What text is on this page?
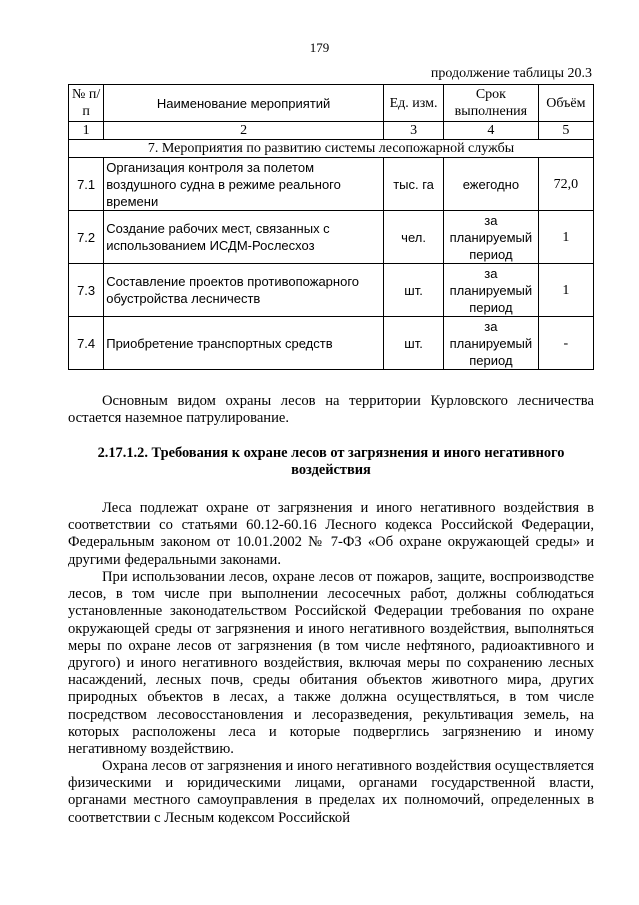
179
продолжение таблицы 20.3
№ п/п	Наименование мероприятий	Ед. изм.	Срок выполнения	Объём
1	2	3	4	5
7. Мероприятия по развитию системы лесопожарной службы				
7.1	Организация контроля за полетом воздушного судна в режиме реального времени	тыс. га	ежегодно	72,0
7.2	Создание рабочих мест, связанных с использованием ИСДМ-Рослесхоз	чел.	за планируемый период	1
7.3	Составление проектов противопожарного обустройства лесничеств	шт.	за планируемый период	1
7.4	Приобретение транспортных средств	шт.	за планируемый период	-
Основным видом охраны лесов на территории Курловского лесничества остается наземное патрулирование.
2.17.1.2. Требования к охране лесов от загрязнения и иного негативного воздействия
Леса подлежат охране от загрязнения и иного негативного воздействия в соответствии со статьями 60.12-60.16 Лесного кодекса Российской Федерации, Федеральным законом от 10.01.2002 № 7-ФЗ «Об охране окружающей среды» и другими федеральными законами.
При использовании лесов, охране лесов от пожаров, защите, воспроизводстве лесов, в том числе при выполнении лесосечных работ, должны соблюдаться установленные законодательством Российской Федерации требования по охране окружающей среды от загрязнения и иного негативного воздействия, выполняться меры по охране лесов от загрязнения (в том числе нефтяного, радиоактивного и другого) и иного негативного воздействия, включая меры по сохранению лесных насаждений, лесных почв, среды обитания объектов животного мира, других природных объектов в лесах, а также должна осуществляться, в том числе посредством лесовосстановления и лесоразведения, рекультивация земель, на которых расположены леса и которые подверглись загрязнению и иному негативному воздействию.
Охрана лесов от загрязнения и иного негативного воздействия осуществляется физическими и юридическими лицами, органами государственной власти, органами местного самоуправления в пределах их полномочий, определенных в соответствии с Лесным кодексом Российской
